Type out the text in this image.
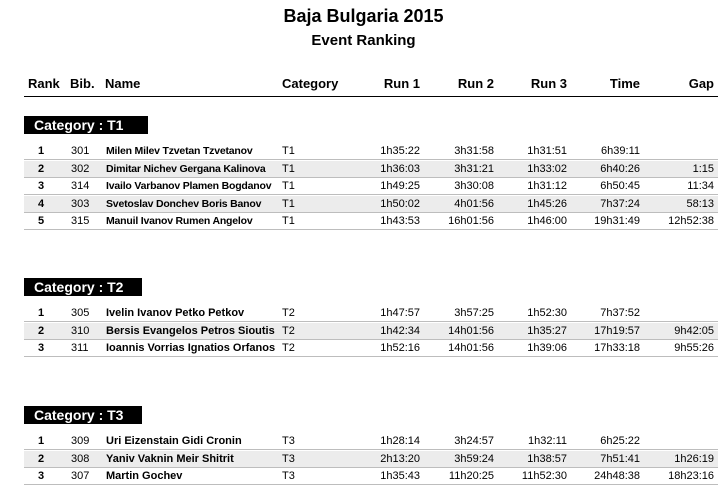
Baja Bulgaria 2015
Event Ranking
Rank Bib. Name	Category	Run 1	Run 2	Run 3	Time	Gap
Category : T1
1	301	Milen Milev Tzvetan Tzvetanov	T1	1h35:22	3h31:58	1h31:51	6h39:11
2	302	Dimitar Nichev Gergana Kalinova	T1	1h36:03	3h31:21	1h33:02	6h40:26	1:15
3	314	Ivailo Varbanov Plamen Bogdanov T1	1h49:25	3h30:08	1h31:12	6h50:45	11:34
4	303	Svetoslav Donchev Boris Banov	T1	1h50:02	4h01:56	1h45:26	7h37:24	58:13
5	315	Manuil Ivanov Rumen Angelov	T1	1h43:53	16h01:56	1h46:00	19h31:49	12h52:38
Category : T2
1	305	Ivelin Ivanov Petko Petkov	T2	1h47:57	3h57:25	1h52:30	7h37:52
2	310	Bersis Evangelos Petros Sioutis T2	1h42:34	14h01:56	1h35:27	17h19:57	9h42:05
3	311	Ioannis Vorrias Ignatios Orfanos T2	1h52:16	14h01:56	1h39:06	17h33:18	9h55:26
Category : T3
1	309	Uri Eizenstain Gidi Cronin	T3	1h28:14	3h24:57	1h32:11	6h25:22
2	308	Yaniv Vaknin Meir Shitrit	T3	2h13:20	3h59:24	1h38:57	7h51:41	1h26:19
3	307	Martin Gochev	T3	1h35:43	11h20:25	11h52:30	24h48:38	18h23:16
